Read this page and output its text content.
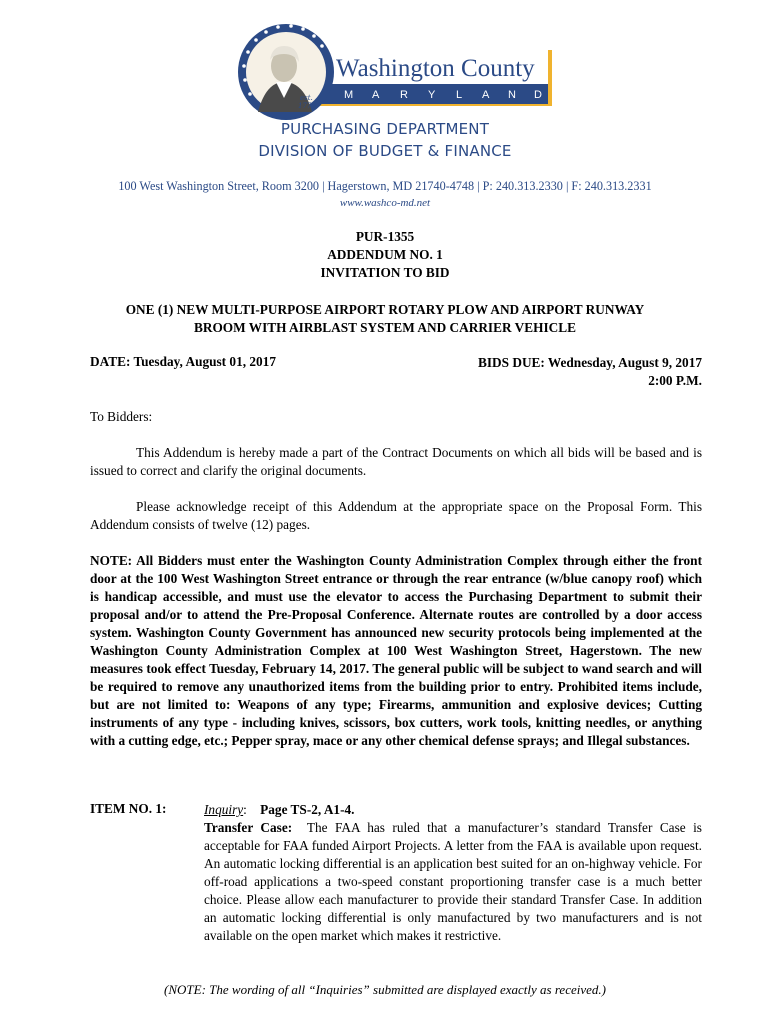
est.
1776
Washington County
M A R Y L A N D
PURCHASING DEPARTMENT
DIVISION OF BUDGET & FINANCE
100 West Washington Street, Room 3200 | Hagerstown, MD 21740-4748 | P: 240.313.2330 | F: 240.313.2331
www.washco-md.net
PUR-1355
ADDENDUM NO. 1
INVITATION TO BID
ONE (1) NEW MULTI-PURPOSE AIRPORT ROTARY PLOW AND AIRPORT RUNWAY
BROOM WITH AIRBLAST SYSTEM AND CARRIER VEHICLE
DATE: Tuesday, August 01, 2017	BIDS DUE: Wednesday, August 9, 2017
2:00 P.M.
To Bidders:
This Addendum is hereby made a part of the Contract Documents on which all bids will be based and is issued to correct and clarify the original documents.
Please acknowledge receipt of this Addendum at the appropriate space on the Proposal Form. This Addendum consists of twelve (12) pages.
NOTE: All Bidders must enter the Washington County Administration Complex through either the front door at the 100 West Washington Street entrance or through the rear entrance (w/blue canopy roof) which is handicap accessible, and must use the elevator to access the Purchasing Department to submit their proposal and/or to attend the Pre-Proposal Conference. Alternate routes are controlled by a door access system. Washington County Government has announced new security protocols being implemented at the Washington County Administration Complex at 100 West Washington Street, Hagerstown. The new measures took effect Tuesday, February 14, 2017. The general public will be subject to wand search and will be required to remove any unauthorized items from the building prior to entry. Prohibited items include, but are not limited to: Weapons of any type; Firearms, ammunition and explosive devices; Cutting instruments of any type - including knives, scissors, box cutters, work tools, knitting needles, or anything with a cutting edge, etc.; Pepper spray, mace or any other chemical defense sprays; and Illegal substances.
ITEM NO. 1:	Inquiry: Page TS-2, A1-4.
Transfer Case: The FAA has ruled that a manufacturer’s standard Transfer Case is acceptable for FAA funded Airport Projects. A letter from the FAA is available upon request. An automatic locking differential is an application best suited for an on-highway vehicle. For off-road applications a two-speed constant proportioning transfer case is a much better choice. Please allow each manufacturer to provide their standard Transfer Case. In addition an automatic locking differential is only manufactured by two manufacturers and is not available on the open market which makes it restrictive.
(NOTE: The wording of all “Inquiries” submitted are displayed exactly as received.)
